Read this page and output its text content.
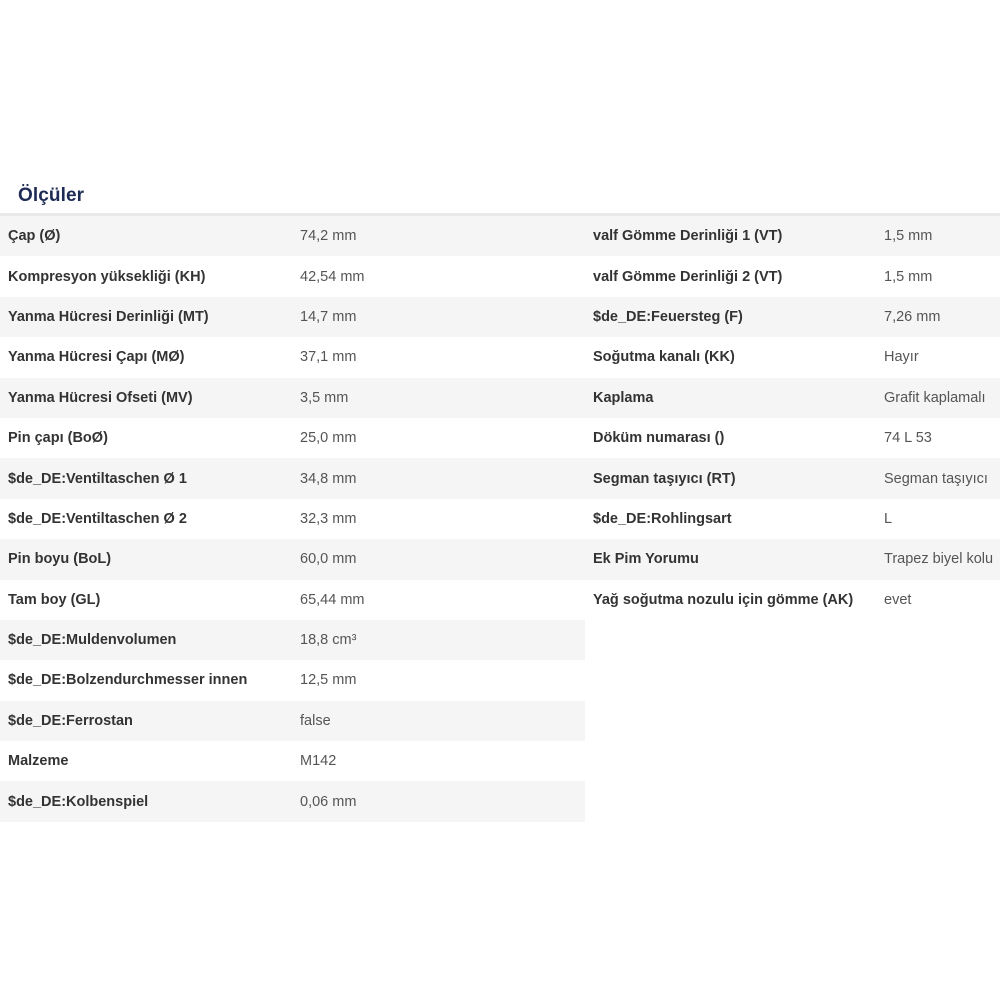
Ölçüler
Çap (Ø)	74,2 mm
Kompresyon yüksekliği (KH)	42,54 mm
Yanma Hücresi Derinliği (MT)	14,7 mm
Yanma Hücresi Çapı (MØ)	37,1 mm
Yanma Hücresi Ofseti (MV)	3,5 mm
Pin çapı (BoØ)	25,0 mm
$de_DE:Ventiltaschen Ø 1	34,8 mm
$de_DE:Ventiltaschen Ø 2	32,3 mm
Pin boyu (BoL)	60,0 mm
Tam boy (GL)	65,44 mm
$de_DE:Muldenvolumen	18,8 cm³
$de_DE:Bolzendurchmesser innen	12,5 mm
$de_DE:Ferrostan	false
Malzeme	M142
$de_DE:Kolbenspiel	0,06 mm
valf Gömme Derinliği 1 (VT)	1,5 mm
valf Gömme Derinliği 2 (VT)	1,5 mm
$de_DE:Feuersteg (F)	7,26 mm
Soğutma kanalı (KK)	Hayır
Kaplama	Grafit kaplamalı
Döküm numarası ()	74 L 53
Segman taşıyıcı (RT)	Segman taşıyıcı
$de_DE:Rohlingsart	L
Ek Pim Yorumu	Trapez biyel kolu
Yağ soğutma nozulu için gömme (AK)	evet
